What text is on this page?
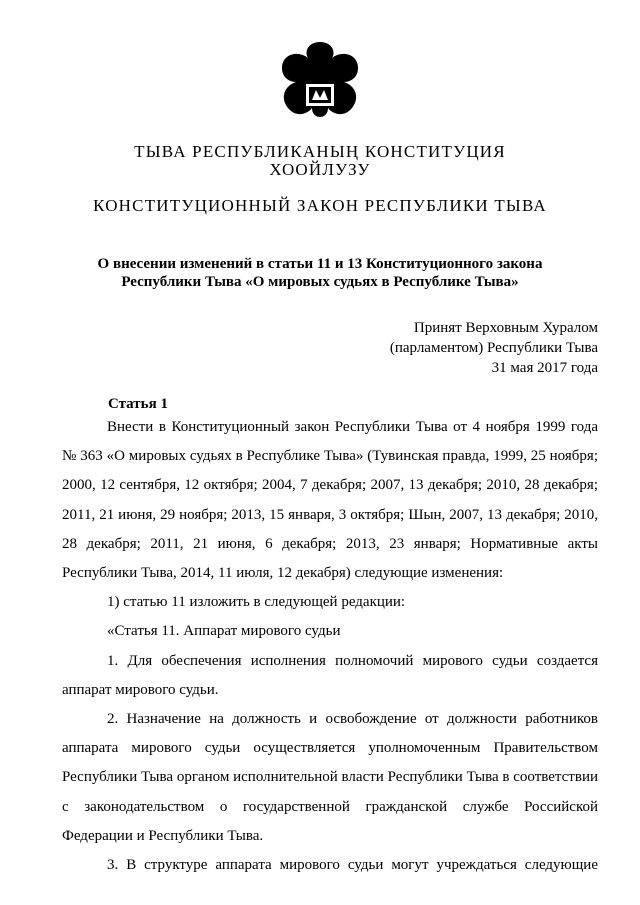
ТЫВА РЕСПУБЛИКАНЫҢ КОНСТИТУЦИЯ
ХООЙЛУЗУ
КОНСТИТУЦИОННЫЙ ЗАКОН РЕСПУБЛИКИ ТЫВА
О внесении изменений в статьи 11 и 13 Конституционного закона
Республики Тыва «О мировых судьях в Республике Тыва»
Принят Верховным Хуралом
(парламентом) Республики Тыва
31 мая 2017 года
Статья 1

Внести в Конституционный закон Республики Тыва от 4 ноября 1999 года № 363 «О мировых судьях в Республике Тыва» (Тувинская правда, 1999, 25 ноября; 2000, 12 сентября, 12 октября; 2004, 7 декабря; 2007, 13 декабря; 2010, 28 декабря; 2011, 21 июня, 29 ноября; 2013, 15 января, 3 октября; Шын, 2007, 13 декабря; 2010, 28 декабря; 2011, 21 июня, 6 декабря; 2013, 23 января; Нормативные акты Республики Тыва, 2014, 11 июля, 12 декабря) следующие изменения:

1) статью 11 изложить в следующей редакции:

«Статья 11. Аппарат мирового судьи

1. Для обеспечения исполнения полномочий мирового судьи создается аппарат мирового судьи.

2. Назначение на должность и освобождение от должности работников аппарата мирового судьи осуществляется уполномоченным Правительством Республики Тыва органом исполнительной власти Республики Тыва в соответствии с законодательством о государственной гражданской службе Российской Федерации и Республики Тыва.

3. В структуре аппарата мирового судьи могут учреждаться следующие
